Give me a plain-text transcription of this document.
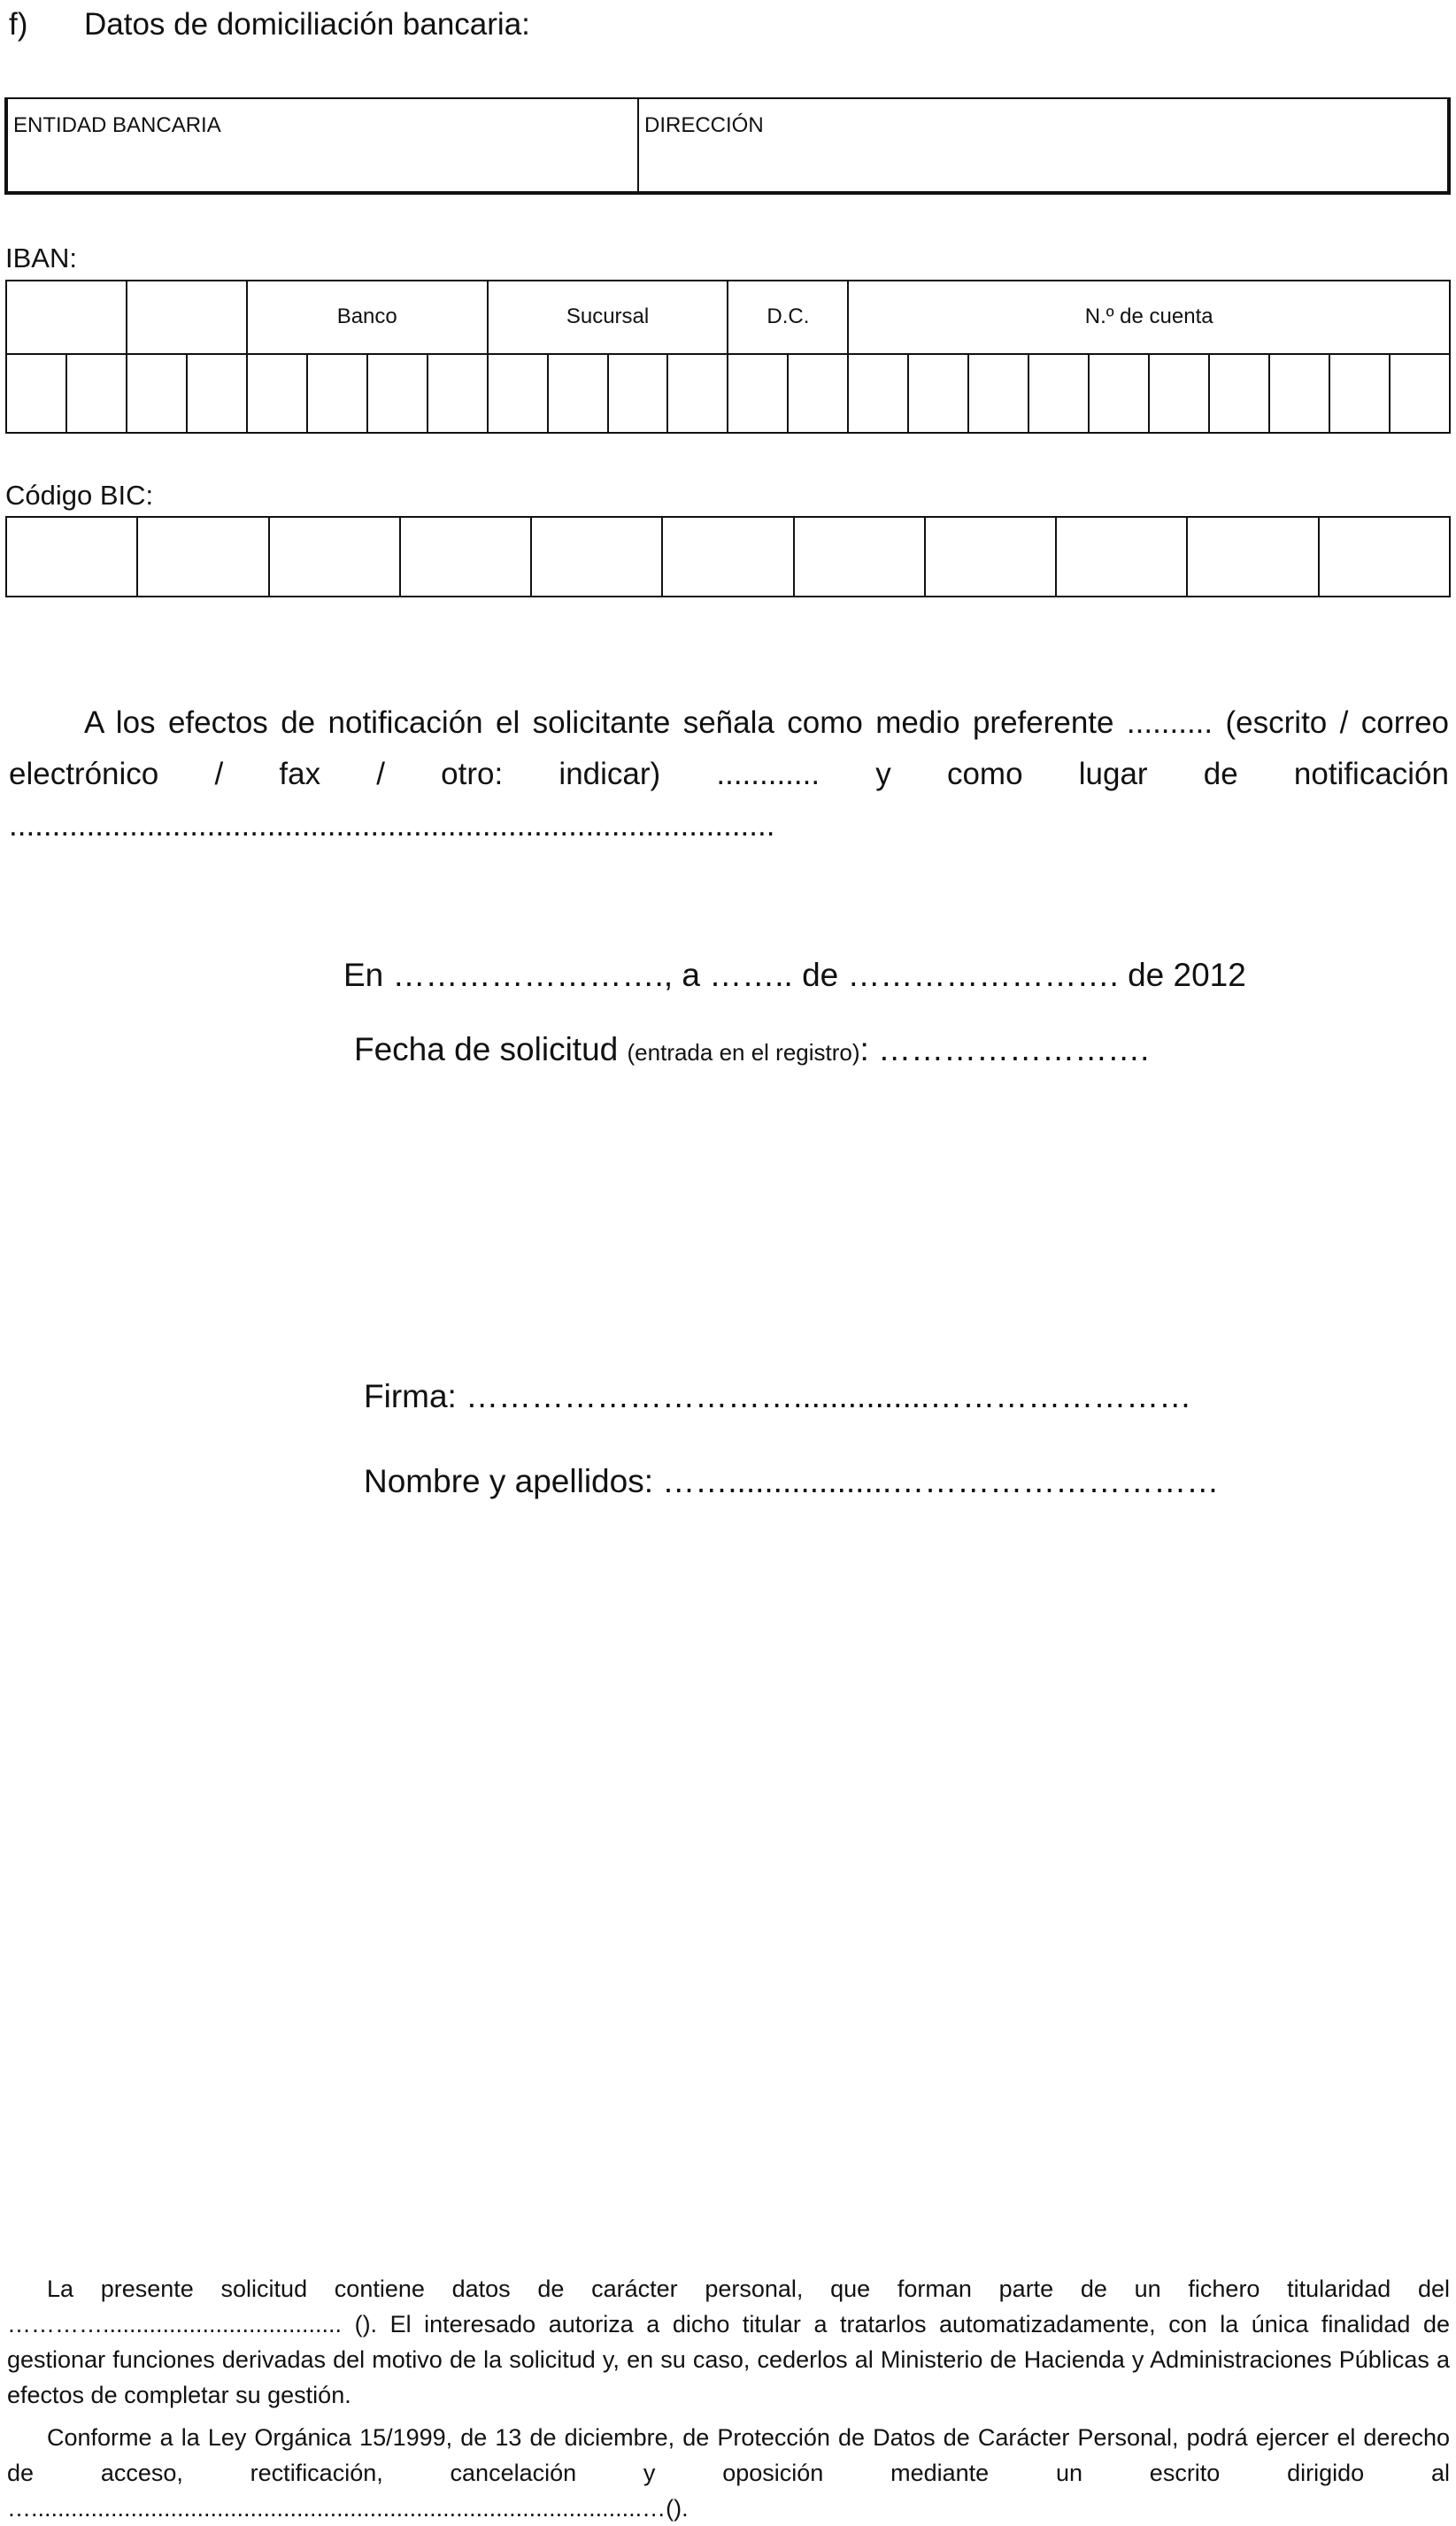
f) Datos de domiciliación bancaria:
ENTIDAD BANCARIA	DIRECCIÓN
IBAN:
				Banco				Sucursal				D.C.		N.º de cuenta									

Código BIC:

A los efectos de notificación el solicitante señala como medio preferente .......... (escrito / correo electrónico / fax / otro: indicar) ............ y como lugar de notificación .........................................................................................
En ……………………., a …….. de ……………………. de 2012
Fecha de solicitud (entrada en el registro): …………………….
Firma: …………………………...............……………………
Nombre y apellidos: ……..................…………………………

La presente solicitud contiene datos de carácter personal, que forman parte de un fichero titularidad del ………….................................... (). El interesado autoriza a dicho titular a tratarlos automatizadamente, con la única finalidad de gestionar funciones derivadas del motivo de la solicitud y, en su caso, cederlos al Ministerio de Hacienda y Administraciones Públicas a efectos de completar su gestión.

Conforme a la Ley Orgánica 15/1999, de 13 de diciembre, de Protección de Datos de Carácter Personal, podrá ejercer el derecho de acceso, rectificación, cancelación y oposición mediante un escrito dirigido al …............................................................................................…().
